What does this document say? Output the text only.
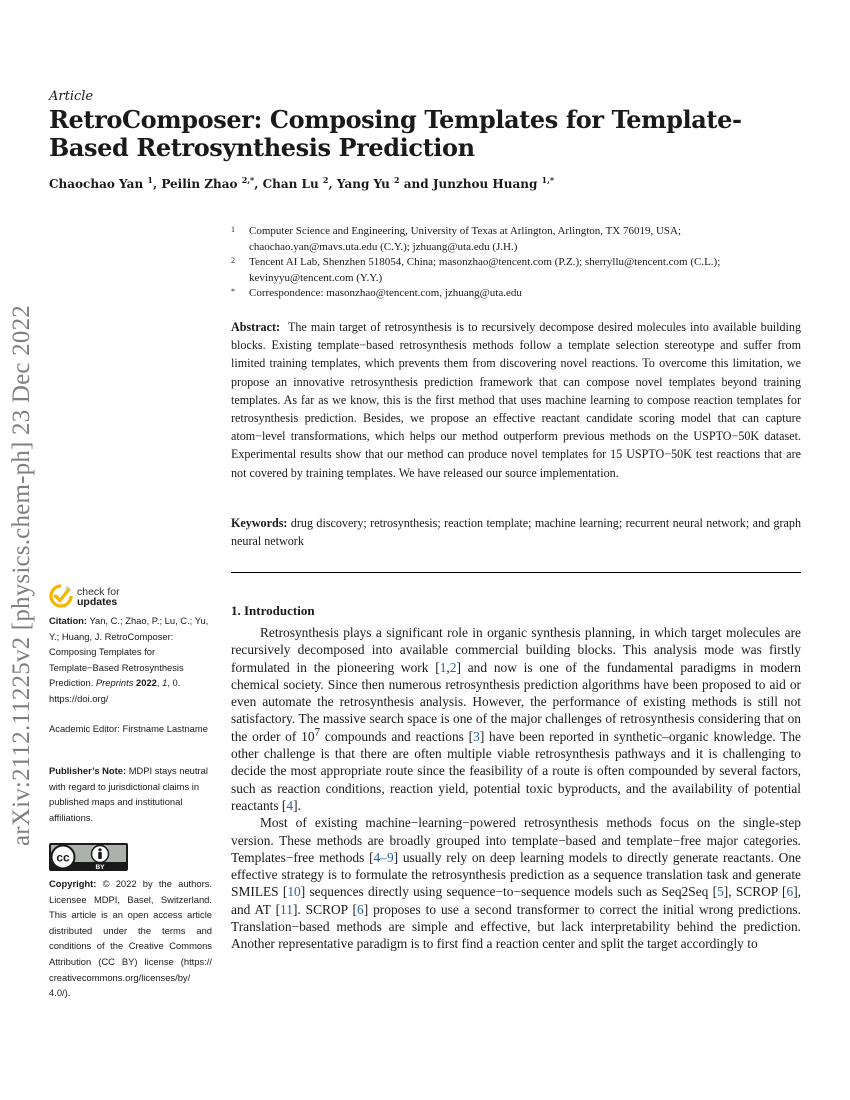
arXiv:2112.11225v2 [physics.chem-ph] 23 Dec 2022
Article
RetroComposer: Composing Templates for Template-Based Retrosynthesis Prediction
Chaochao Yan $^1$, Peilin Zhao $^{2,*}$, Chan Lu $^2$, Yang Yu $^2$ and Junzhou Huang $^{1,*}$
1 Computer Science and Engineering, University of Texas at Arlington, Arlington, TX 76019, USA; chaochao.yan@mavs.uta.edu (C.Y.); jzhuang@uta.edu (J.H.)
2 Tencent AI Lab, Shenzhen 518054, China; masonzhao@tencent.com (P.Z.); sherryllu@tencent.com (C.L.); kevinyyu@tencent.com (Y.Y.)
* Correspondence: masonzhao@tencent.com, jzhuang@uta.edu

Abstract: The main target of retrosynthesis is to recursively decompose desired molecules into available building blocks. Existing template−based retrosynthesis methods follow a template selection stereotype and suffer from limited training templates, which prevents them from discovering novel reactions. To overcome this limitation, we propose an innovative retrosynthesis prediction framework that can compose novel templates beyond training templates. As far as we know, this is the first method that uses machine learning to compose reaction templates for retrosynthesis prediction. Besides, we propose an effective reactant candidate scoring model that can capture atom−level transformations, which helps our method outperform previous methods on the USPTO−50K dataset. Experimental results show that our method can produce novel templates for 15 USPTO−50K test reactions that are not covered by training templates. We have released our source implementation.

Keywords: drug discovery; retrosynthesis; reaction template; machine learning; recurrent neural network; and graph neural network

check for
updates
Citation: Yan, C.; Zhao, P.; Lu, C.; Yu, Y.; Huang, J. RetroComposer: Composing Templates for Template−Based Retrosynthesis Prediction. Preprints 2022, 1, 0. https://doi.org/
Academic Editor: Firstname Lastname
Publisher’s Note: MDPI stays neutral with regard to jurisdictional claims in published maps and institutional affiliations.
cc
BY
Copyright: © 2022 by the authors. Licensee MDPI, Basel, Switzerland. This article is an open access article distributed under the terms and conditions of the Creative Commons Attribution (CC BY) license (https:// creativecommons.org/licenses/by/ 4.0/).
1. Introduction

Retrosynthesis plays a significant role in organic synthesis planning, in which target molecules are recursively decomposed into available commercial building blocks. This analysis mode was firstly formulated in the pioneering work [1,2] and now is one of the fundamental paradigms in modern chemical society. Since then numerous retrosynthesis prediction algorithms have been proposed to aid or even automate the retrosynthesis analysis. However, the performance of existing methods is still not satisfactory. The massive search space is one of the major challenges of retrosynthesis considering that on the order of $10^7$ compounds and reactions [3] have been reported in synthetic–organic knowledge. The other challenge is that there are often multiple viable retrosynthesis pathways and it is challenging to decide the most appropriate route since the feasibility of a route is often compounded by several factors, such as reaction conditions, reaction yield, potential toxic byproducts, and the availability of potential reactants [4].

Most of existing machine−learning−powered retrosynthesis methods focus on the single-step version. These methods are broadly grouped into template−based and template−free major categories. Templates−free methods [4–9] usually rely on deep learning models to directly generate reactants. One effective strategy is to formulate the retrosynthesis prediction as a sequence translation task and generate SMILES [10] sequences directly using sequence−to−sequence models such as Seq2Seq [5], SCROP [6], and AT [11]. SCROP [6] proposes to use a second transformer to correct the initial wrong predictions. Translation−based methods are simple and effective, but lack interpretability behind the prediction. Another representative paradigm is to first find a reaction center and split the target accordingly to
